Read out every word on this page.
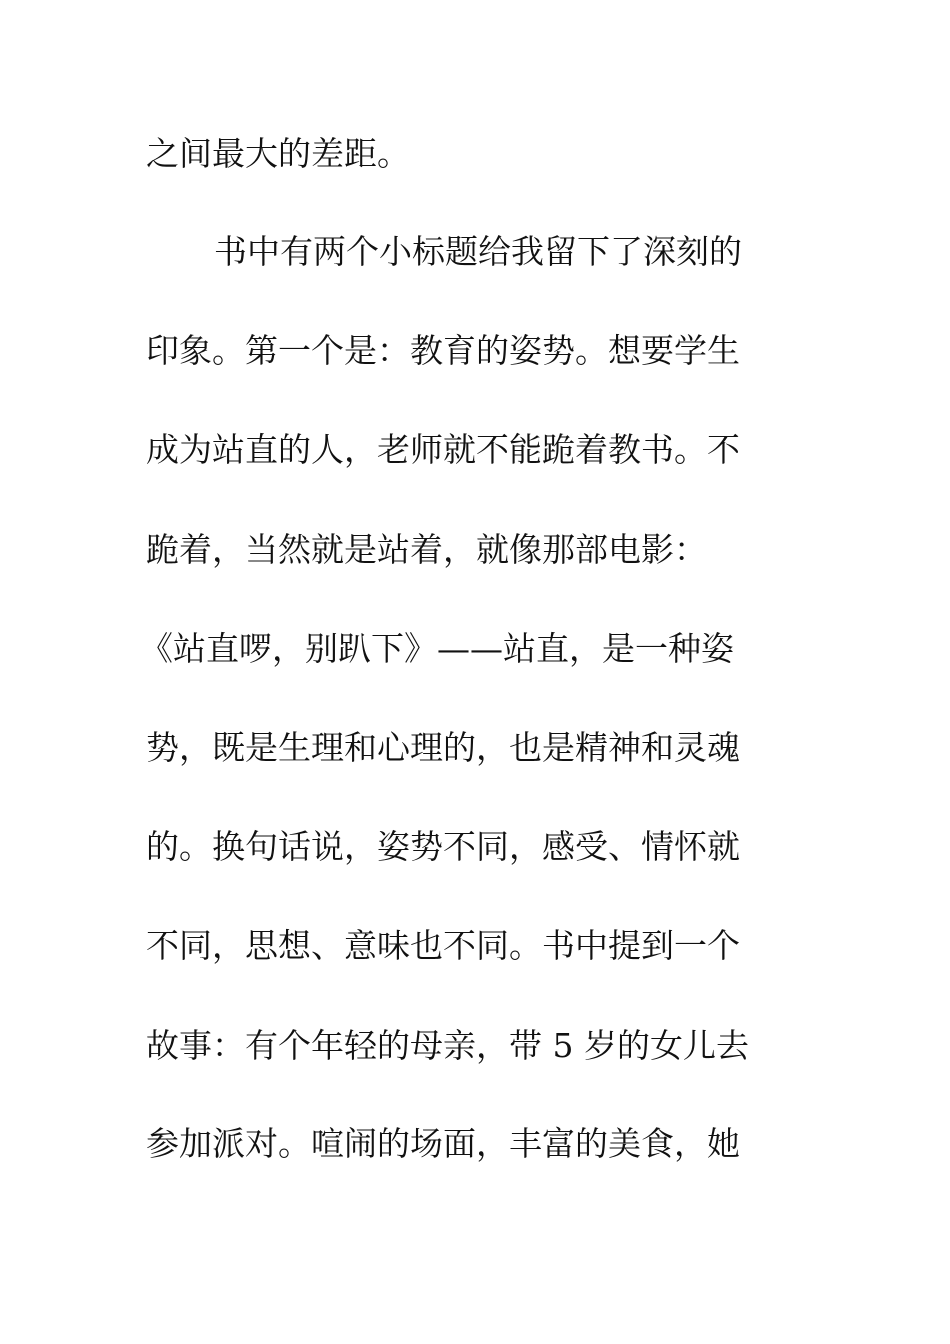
之间最大的差距。
书中有两个小标题给我留下了深刻的
印象。第一个是：教育的姿势。想要学生
成为站直的人，老师就不能跪着教书。不
跪着，当然就是站着，就像那部电影：
《站直啰，别趴下》——站直，是一种姿
势，既是生理和心理的，也是精神和灵魂
的。换句话说，姿势不同，感受、情怀就
不同，思想、意味也不同。书中提到一个
故事：有个年轻的母亲，带 5 岁的女儿去
参加派对。喧闹的场面，丰富的美食，她
